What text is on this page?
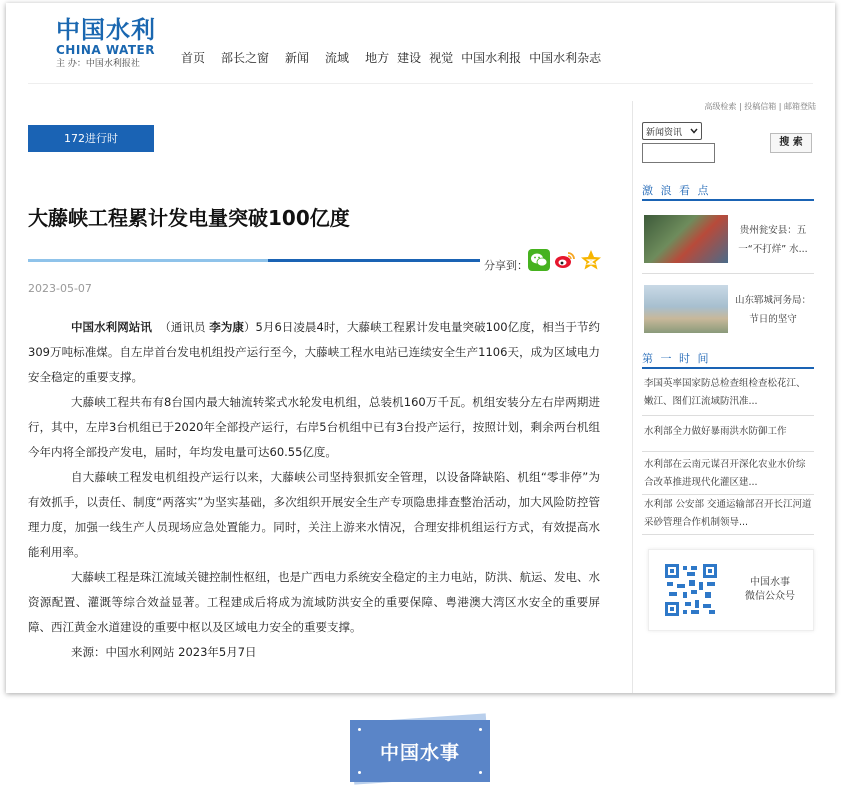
中国水利
CHINA WATER
主 办：中国水利报社	首页 部长之窗 新闻 流域 地方 建设 视觉 中国水利报 中国水利杂志
172进行时
大藤峡工程累计发电量突破100亿度
分享到：
2023-05-07

中国水利网站讯 （通讯员 李为康）5月6日凌晨4时，大藤峡工程累计发电量突破100亿度，相当于节约309万吨标准煤。自左岸首台发电机组投产运行至今，大藤峡工程水电站已连续安全生产1106天，成为区域电力安全稳定的重要支撑。

大藤峡工程共布有8台国内最大轴流转桨式水轮发电机组，总装机160万千瓦。机组安装分左右岸两期进行，其中，左岸3台机组已于2020年全部投产运行，右岸5台机组中已有3台投产运行，按照计划，剩余两台机组今年内将全部投产发电，届时，年均发电量可达60.55亿度。

自大藤峡工程发电机组投产运行以来，大藤峡公司坚持狠抓安全管理，以设备降缺陷、机组“零非停”为有效抓手，以责任、制度“两落实”为坚实基础，多次组织开展安全生产专项隐患排查整治活动，加大风险防控管理力度，加强一线生产人员现场应急处置能力。同时，关注上游来水情况，合理安排机组运行方式，有效提高水能利用率。

大藤峡工程是珠江流域关键控制性枢纽，也是广西电力系统安全稳定的主力电站，防洪、航运、发电、水资源配置、灌溉等综合效益显著。工程建成后将成为流域防洪安全的重要保障、粤港澳大湾区水安全的重要屏障、西江黄金水道建设的重要中枢以及区域电力安全的重要支撑。

来源：中国水利网站 2023年5月7日
高级检索 | 投稿信箱 | 邮箱登陆
新闻资讯
搜 索
激 浪 看 点
贵州瓮安县：五一“不打烊” 水...
山东郓城河务局：节日的坚守
第 一 时 间
李国英率国家防总检查组检查松花江、嫩江、图们江流域防汛准...
水利部全力做好暴雨洪水防御工作
水利部在云南元谋召开深化农业水价综合改革推进现代化灌区建...
水利部 公安部 交通运输部召开长江河道采砂管理合作机制领导...
中国水事
微信公众号
中国水事
